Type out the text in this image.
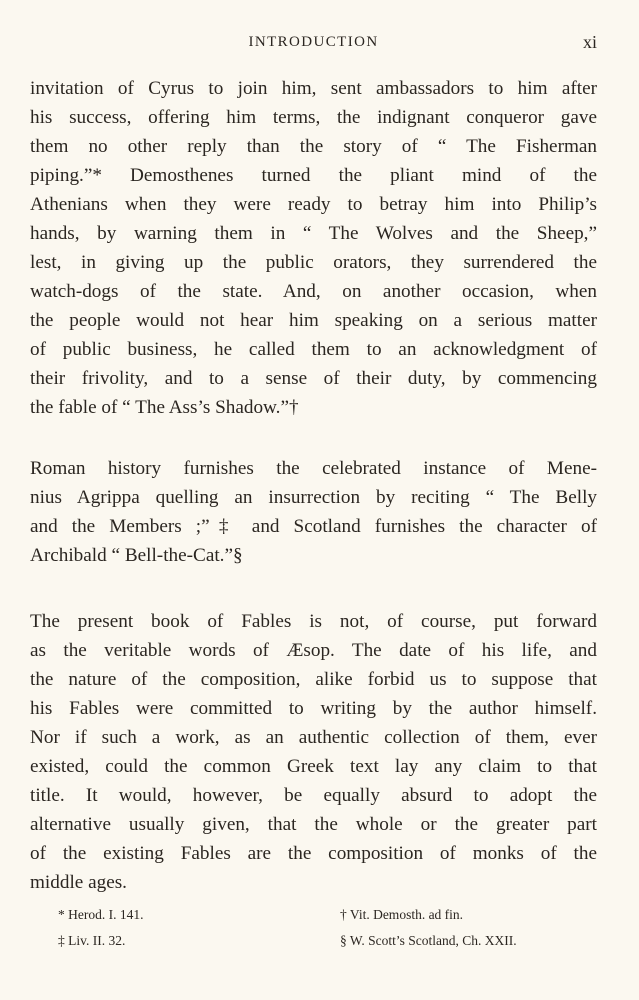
INTRODUCTION	xi
invitation of Cyrus to join him, sent ambassadors to him after
his success, offering him terms, the indignant conqueror gave
them no other reply than the story of “ The Fisherman
piping.”* Demosthenes turned the pliant mind of the
Athenians when they were ready to betray him into Philip’s
hands, by warning them in “ The Wolves and the Sheep,”
lest, in giving up the public orators, they surrendered the
watch-dogs of the state. And, on another occasion, when
the people would not hear him speaking on a serious matter
of public business, he called them to an acknowledgment of
their frivolity, and to a sense of their duty, by commencing
the fable of “ The Ass’s Shadow.”†
Roman history furnishes the celebrated instance of Mene-
nius Agrippa quelling an insurrection by reciting “ The Belly
and the Members ;”‡ and Scotland furnishes the character of
Archibald “ Bell-the-Cat.”§
The present book of Fables is not, of course, put forward
as the veritable words of Æsop. The date of his life, and
the nature of the composition, alike forbid us to suppose that
his Fables were committed to writing by the author himself.
Nor if such a work, as an authentic collection of them, ever
existed, could the common Greek text lay any claim to that
title. It would, however, be equally absurd to adopt the
alternative usually given, that the whole or the greater part
of the existing Fables are the composition of monks of the
middle ages.
* Herod. I. 141.	† Vit. Demosth. ad fin.
‡ Liv. II. 32.	§ W. Scott’s Scotland, Ch. XXII.
